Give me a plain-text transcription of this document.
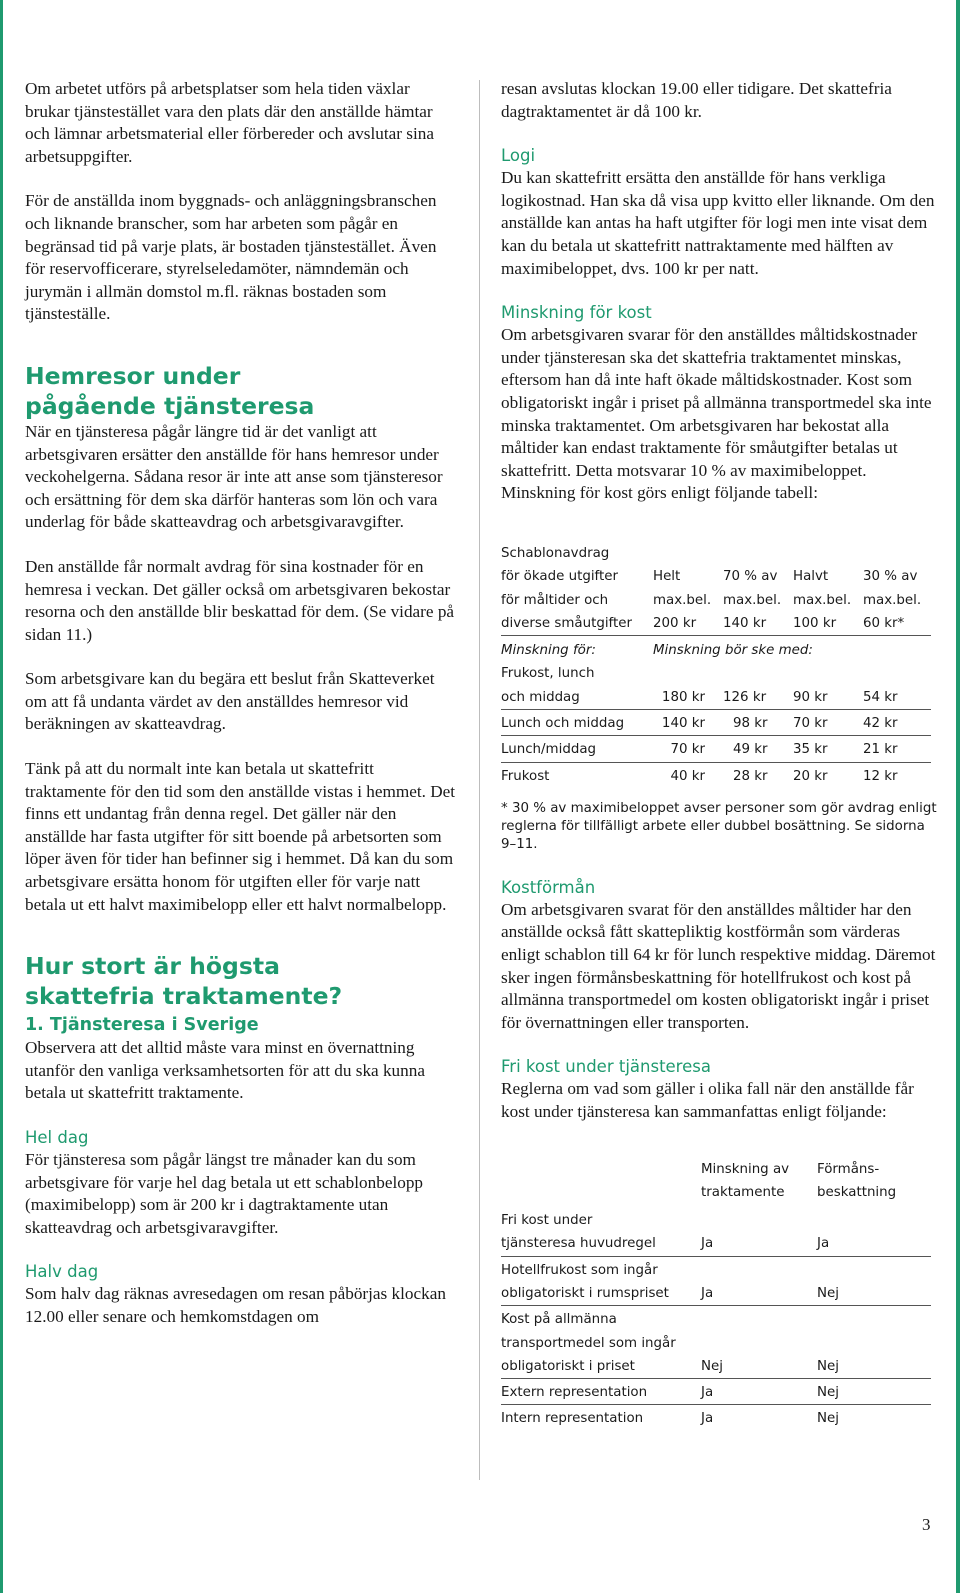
Om arbetet utförs på arbetsplatser som hela tiden växlar brukar tjänstestället vara den plats där den anställde hämtar och lämnar arbetsmaterial eller förbereder och avslutar sina arbetsuppgifter.

För de anställda inom byggnads- och anläggningsbranschen och liknande branscher, som har arbeten som pågår en begränsad tid på varje plats, är bostaden tjänstestället. Även för reservofficerare, styrelseledamöter, nämndemän och jurymän i allmän domstol m.fl. räknas bostaden som tjänsteställe.

Hemresor under
pågående tjänsteresa

När en tjänsteresa pågår längre tid är det vanligt att arbetsgivaren ersätter den anställde för hans hemresor under veckohelgerna. Sådana resor är inte att anse som tjänsteresor och ersättning för dem ska därför hanteras som lön och vara underlag för både skatteavdrag och arbetsgivaravgifter.

Den anställde får normalt avdrag för sina kostnader för en hemresa i veckan. Det gäller också om arbetsgivaren bekostar resorna och den anställde blir beskattad för dem. (Se vidare på sidan 11.)

Som arbetsgivare kan du begära ett beslut från Skatteverket om att få undanta värdet av den anställdes hemresor vid beräkningen av skatteavdrag.

Tänk på att du normalt inte kan betala ut skattefritt traktamente för den tid som den anställde vistas i hemmet. Det finns ett undantag från denna regel. Det gäller när den anställde har fasta utgifter för sitt boende på arbetsorten som löper även för tider han befinner sig i hemmet. Då kan du som arbetsgivare ersätta honom för utgiften eller för varje natt betala ut ett halvt maximibelopp eller ett halvt normalbelopp.

Hur stort är högsta
skattefria traktamente?
1. Tjänsteresa i Sverige

Observera att det alltid måste vara minst en övernattning utanför den vanliga verksamhetsorten för att du ska kunna betala ut skattefritt traktamente.

Hel dag

För tjänsteresa som pågår längst tre månader kan du som arbetsgivare för varje hel dag betala ut ett schablonbelopp (maximibelopp) som är 200 kr i dagtraktamente utan skatteavdrag och arbetsgivaravgifter.

Halv dag

Som halv dag räknas avresedagen om resan påbörjas klockan 12.00 eller senare och hemkomstdagen om

resan avslutas klockan 19.00 eller tidigare. Det skattefria dagtraktamentet är då 100 kr.

Logi

Du kan skattefritt ersätta den anställde för hans verkliga logikostnad. Han ska då visa upp kvitto eller liknande. Om den anställde kan antas ha haft utgifter för logi men inte visat dem kan du betala ut skattefritt nattraktamente med hälften av maximibeloppet, dvs. 100 kr per natt.

Minskning för kost

Om arbetsgivaren svarar för den anställdes måltidskostnader under tjänsteresan ska det skattefria traktamentet minskas, eftersom han då inte haft ökade måltidskostnader. Kost som obligatoriskt ingår i priset på allmänna transportmedel ska inte minska traktamentet. Om arbetsgivaren har bekostat alla måltider kan endast traktamente för småutgifter betalas ut skattefritt. Detta motsvarar 10 % av maximibeloppet. Minskning för kost görs enligt följande tabell:

Schablonavdrag				
för ökade utgifter	Helt	70 % av	Halvt	30 % av
för måltider och	max.bel.	max.bel.	max.bel.	max.bel.
diverse småutgifter	200 kr	140 kr	100 kr	60 kr*
Minskning för:	Minskning bör ske med:			
Frukost, lunch				
och middag	180 kr	126 kr	90 kr	54 kr
Lunch och middag	140 kr	98 kr	70 kr	42 kr
Lunch/middag	70 kr	49 kr	35 kr	21 kr
Frukost	40 kr	28 kr	20 kr	12 kr

* 30 % av maximibeloppet avser personer som gör avdrag enligt reglerna för tillfälligt arbete eller dubbel bosättning. Se sidorna 9–11.

Kostförmån

Om arbetsgivaren svarat för den anställdes måltider har den anställde också fått skattepliktig kostförmån som värderas enligt schablon till 64 kr för lunch respektive middag. Däremot sker ingen förmånsbeskattning för hotellfrukost och kost på allmänna transportmedel om kosten obligatoriskt ingår i priset för övernattningen eller transporten.

Fri kost under tjänsteresa

Reglerna om vad som gäller i olika fall när den anställde får kost under tjänsteresa kan sammanfattas enligt följande:

	Minskning av	Förmåns-
	traktamente	beskattning
Fri kost under		
tjänsteresa huvudregel	Ja	Ja
Hotellfrukost som ingår		
obligatoriskt i rumspriset	Ja	Nej
Kost på allmänna		
transportmedel som ingår		
obligatoriskt i priset	Nej	Nej
Extern representation	Ja	Nej
Intern representation	Ja	Nej
3
